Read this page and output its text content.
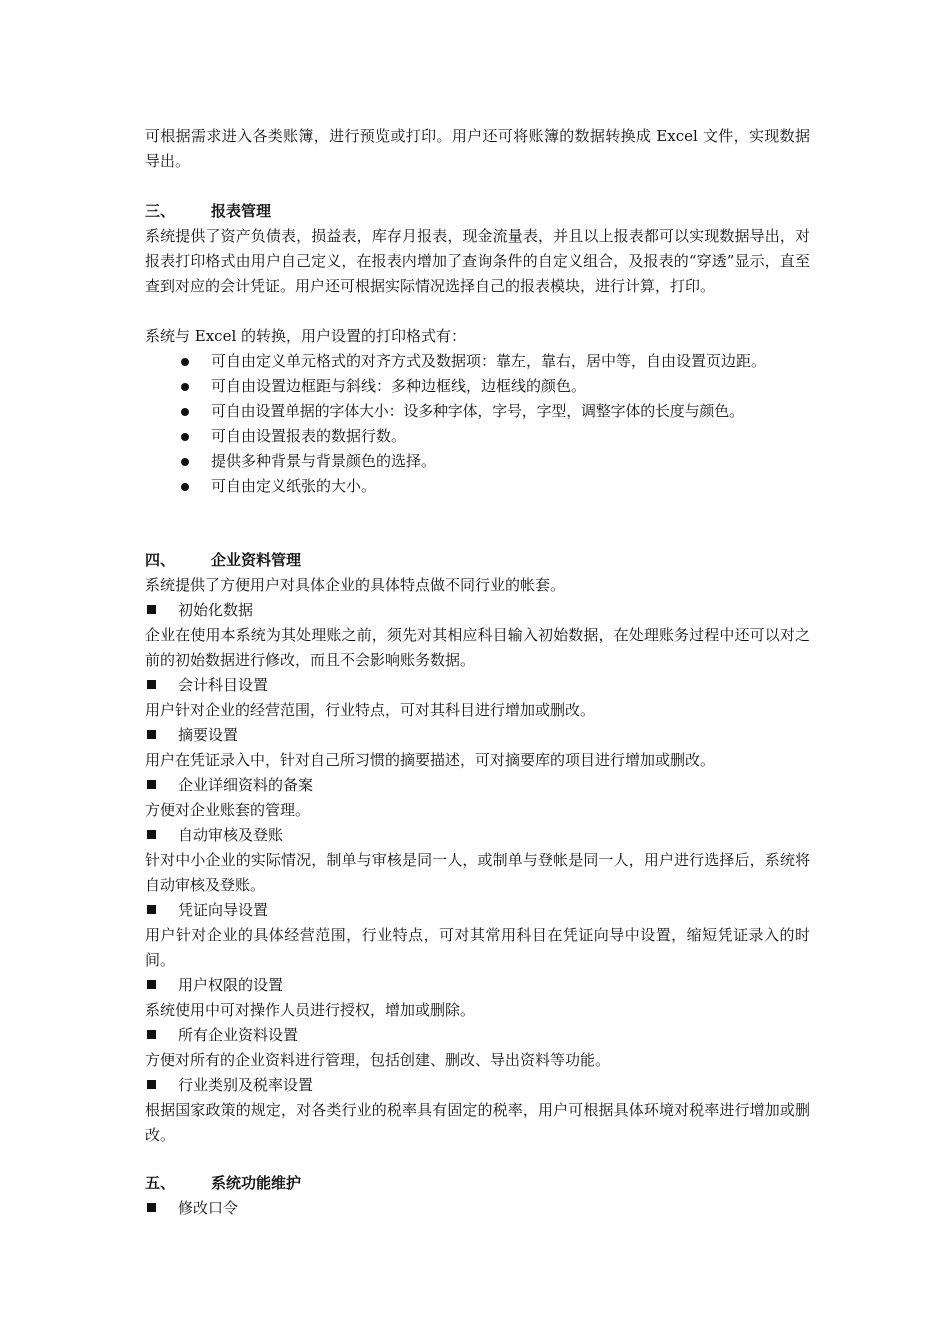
可根据需求进入各类账簿，进行预览或打印。用户还可将账簿的数据转换成 Excel 文件，实现数据导出。
三、 报表管理
系统提供了资产负债表，损益表，库存月报表，现金流量表，并且以上报表都可以实现数据导出，对报表打印格式由用户自己定义，在报表内增加了查询条件的自定义组合，及报表的“穿透”显示，直至查到对应的会计凭证。用户还可根据实际情况选择自己的报表模块，进行计算，打印。
系统与 Excel 的转换，用户设置的打印格式有：
可自由定义单元格式的对齐方式及数据项：靠左，靠右，居中等，自由设置页边距。
可自由设置边框距与斜线：多种边框线，边框线的颜色。
可自由设置单据的字体大小：设多种字体，字号，字型，调整字体的长度与颜色。
可自由设置报表的数据行数。
提供多种背景与背景颜色的选择。
可自由定义纸张的大小。
四、 企业资料管理
系统提供了方便用户对具体企业的具体特点做不同行业的帐套。
初始化数据
企业在使用本系统为其处理账之前，须先对其相应科目输入初始数据，在处理账务过程中还可以对之前的初始数据进行修改，而且不会影响账务数据。
会计科目设置
用户针对企业的经营范围，行业特点，可对其科目进行增加或删改。
摘要设置
用户在凭证录入中，针对自己所习惯的摘要描述，可对摘要库的项目进行增加或删改。
企业详细资料的备案
方便对企业账套的管理。
自动审核及登账
针对中小企业的实际情况，制单与审核是同一人，或制单与登帐是同一人，用户进行选择后，系统将自动审核及登账。
凭证向导设置
用户针对企业的具体经营范围，行业特点，可对其常用科目在凭证向导中设置，缩短凭证录入的时间。
用户权限的设置
系统使用中可对操作人员进行授权，增加或删除。
所有企业资料设置
方便对所有的企业资料进行管理，包括创建、删改、导出资料等功能。
行业类别及税率设置
根据国家政策的规定，对各类行业的税率具有固定的税率，用户可根据具体环境对税率进行增加或删改。
五、 系统功能维护
修改口令
